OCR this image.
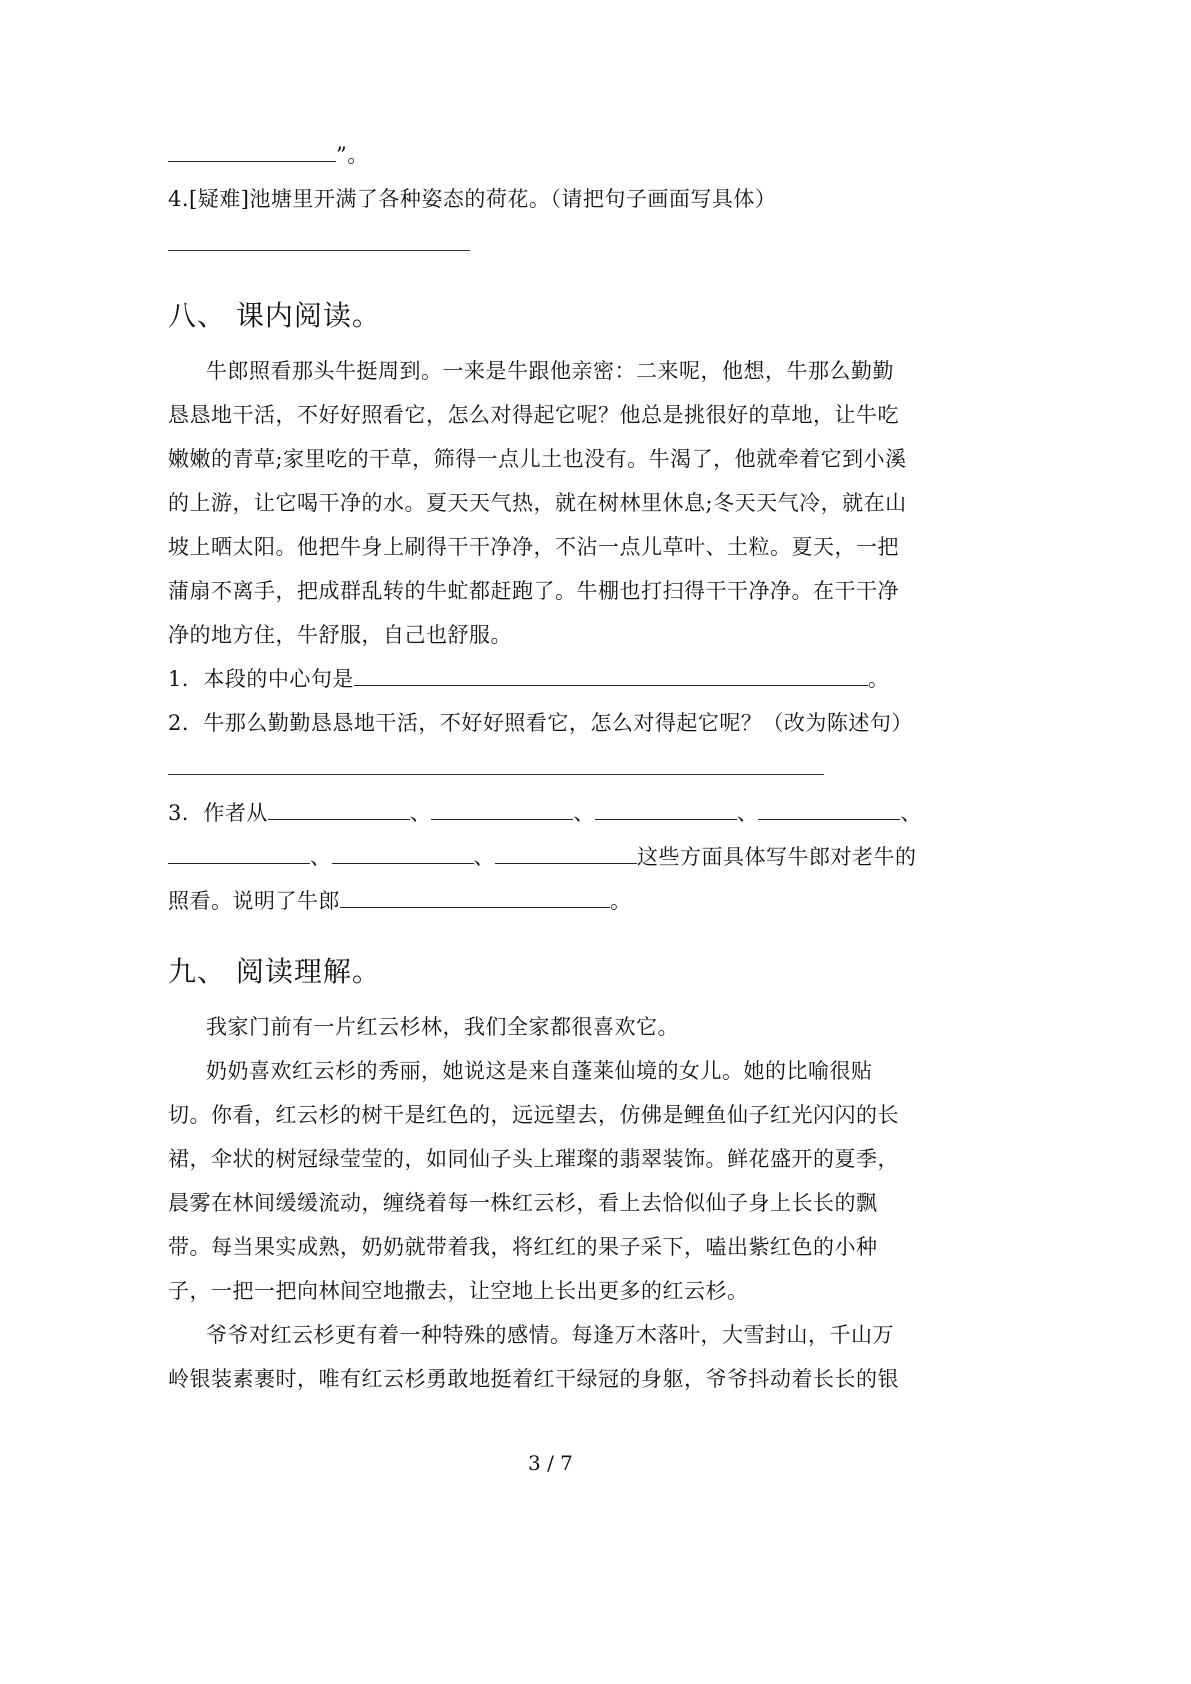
”。
4.[疑难]池塘里开满了各种姿态的荷花。（请把句子画面写具体）
八、 课内阅读。
牛郎照看那头牛挺周到。一来是牛跟他亲密：二来呢，他想，牛那么勤勤
恳恳地干活，不好好照看它，怎么对得起它呢？他总是挑很好的草地，让牛吃
嫩嫩的青草;家里吃的干草，筛得一点儿土也没有。牛渴了，他就牵着它到小溪
的上游，让它喝干净的水。夏天天气热，就在树林里休息;冬天天气冷，就在山
坡上晒太阳。他把牛身上刷得干干净净，不沾一点儿草叶、土粒。夏天，一把
蒲扇不离手，把成群乱转的牛虻都赶跑了。牛棚也打扫得干干净净。在干干净
净的地方住，牛舒服，自己也舒服。
1．本段的中心句是	。
2．牛那么勤勤恳恳地干活，不好好照看它，怎么对得起它呢？（改为陈述句）
3．作者从	、	、	、	、
、	、	这些方面具体写牛郎对老牛的
照看。说明了牛郎	。
九、 阅读理解。
我家门前有一片红云杉林，我们全家都很喜欢它。
奶奶喜欢红云杉的秀丽，她说这是来自蓬莱仙境的女儿。她的比喻很贴
切。你看，红云杉的树干是红色的，远远望去，仿佛是鲤鱼仙子红光闪闪的长
裙，伞状的树冠绿莹莹的，如同仙子头上璀璨的翡翠装饰。鲜花盛开的夏季，
晨雾在林间缓缓流动，缠绕着每一株红云杉，看上去恰似仙子身上长长的飘
带。每当果实成熟，奶奶就带着我，将红红的果子采下，嗑出紫红色的小种
子，一把一把向林间空地撒去，让空地上长出更多的红云杉。
爷爷对红云杉更有着一种特殊的感情。每逢万木落叶，大雪封山，千山万
岭银装素裹时，唯有红云杉勇敢地挺着红干绿冠的身躯，爷爷抖动着长长的银
3 / 7
